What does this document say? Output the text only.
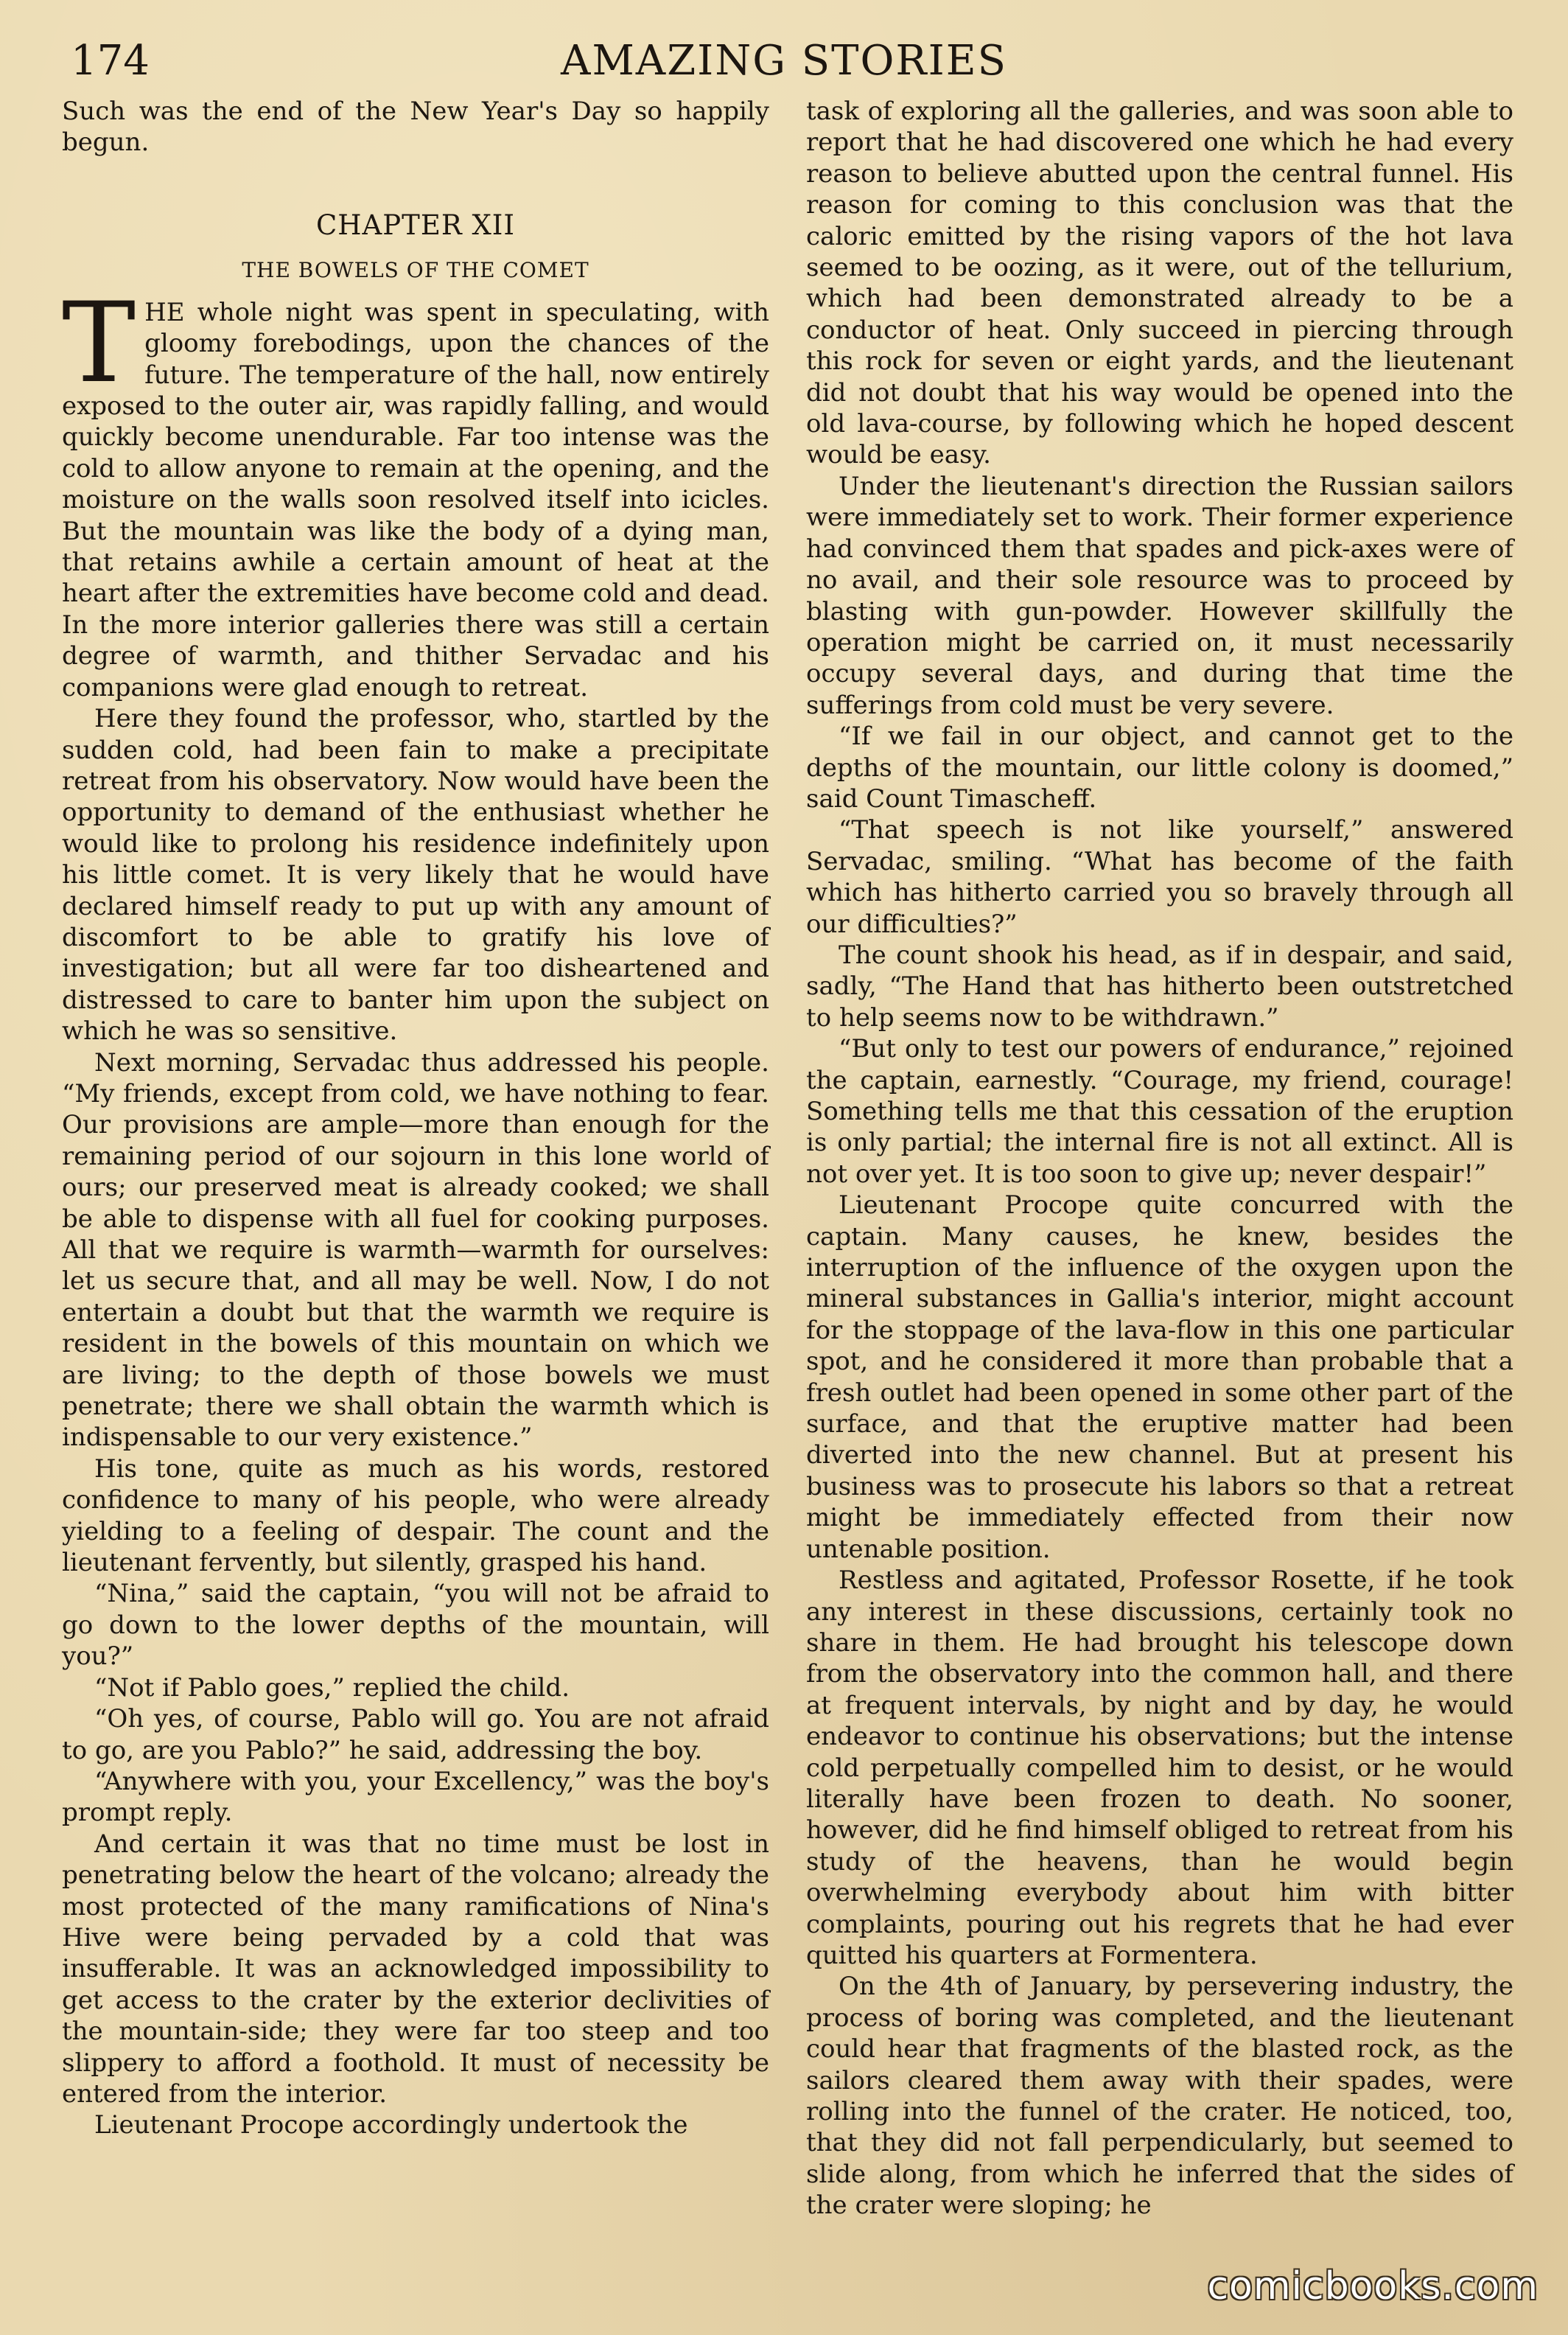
174	AMAZING STORIES

Such was the end of the New Year's Day so happily begun.

CHAPTER XII
THE BOWELS OF THE COMET

THE whole night was spent in speculating, with gloomy forebodings, upon the chances of the future. The temperature of the hall, now entirely exposed to the outer air, was rapidly falling, and would quickly become unendurable. Far too intense was the cold to allow anyone to remain at the opening, and the moisture on the walls soon resolved itself into icicles. But the mountain was like the body of a dying man, that retains awhile a certain amount of heat at the heart after the extremities have become cold and dead. In the more interior galleries there was still a certain degree of warmth, and thither Servadac and his companions were glad enough to retreat.

Here they found the professor, who, startled by the sudden cold, had been fain to make a precipitate retreat from his observatory. Now would have been the opportunity to demand of the enthusiast whether he would like to prolong his residence indefinitely upon his little comet. It is very likely that he would have declared himself ready to put up with any amount of discomfort to be able to gratify his love of investigation; but all were far too disheartened and distressed to care to banter him upon the subject on which he was so sensitive.

Next morning, Servadac thus addressed his people. “My friends, except from cold, we have nothing to fear. Our provisions are ample—more than enough for the remaining period of our sojourn in this lone world of ours; our preserved meat is already cooked; we shall be able to dispense with all fuel for cooking purposes. All that we require is warmth—warmth for ourselves: let us secure that, and all may be well. Now, I do not entertain a doubt but that the warmth we require is resident in the bowels of this mountain on which we are living; to the depth of those bowels we must penetrate; there we shall obtain the warmth which is indispensable to our very existence.”

His tone, quite as much as his words, restored confidence to many of his people, who were already yielding to a feeling of despair. The count and the lieutenant fervently, but silently, grasped his hand.

“Nina,” said the captain, “you will not be afraid to go down to the lower depths of the mountain, will you?”

“Not if Pablo goes,” replied the child.

“Oh yes, of course, Pablo will go. You are not afraid to go, are you Pablo?” he said, addressing the boy.

“Anywhere with you, your Excellency,” was the boy's prompt reply.

And certain it was that no time must be lost in penetrating below the heart of the volcano; already the most protected of the many ramifications of Nina's Hive were being pervaded by a cold that was insufferable. It was an acknowledged impossibility to get access to the crater by the exterior declivities of the mountain-side; they were far too steep and too slippery to afford a foothold. It must of necessity be entered from the interior.

Lieutenant Procope accordingly undertook the

task of exploring all the galleries, and was soon able to report that he had discovered one which he had every reason to believe abutted upon the central funnel. His reason for coming to this conclusion was that the caloric emitted by the rising vapors of the hot lava seemed to be oozing, as it were, out of the tellurium, which had been demonstrated already to be a conductor of heat. Only succeed in piercing through this rock for seven or eight yards, and the lieutenant did not doubt that his way would be opened into the old lava-course, by following which he hoped descent would be easy.

Under the lieutenant's direction the Russian sailors were immediately set to work. Their former experience had convinced them that spades and pick-axes were of no avail, and their sole resource was to proceed by blasting with gun-powder. However skillfully the operation might be carried on, it must necessarily occupy several days, and during that time the sufferings from cold must be very severe.

“If we fail in our object, and cannot get to the depths of the mountain, our little colony is doomed,” said Count Timascheff.

“That speech is not like yourself,” answered Servadac, smiling. “What has become of the faith which has hitherto carried you so bravely through all our difficulties?”

The count shook his head, as if in despair, and said, sadly, “The Hand that has hitherto been outstretched to help seems now to be withdrawn.”

“But only to test our powers of endurance,” rejoined the captain, earnestly. “Courage, my friend, courage! Something tells me that this cessation of the eruption is only partial; the internal fire is not all extinct. All is not over yet. It is too soon to give up; never despair!”

Lieutenant Procope quite concurred with the captain. Many causes, he knew, besides the interruption of the influence of the oxygen upon the mineral substances in Gallia's interior, might account for the stoppage of the lava-flow in this one particular spot, and he considered it more than probable that a fresh outlet had been opened in some other part of the surface, and that the eruptive matter had been diverted into the new channel. But at present his business was to prosecute his labors so that a retreat might be immediately effected from their now untenable position.

Restless and agitated, Professor Rosette, if he took any interest in these discussions, certainly took no share in them. He had brought his telescope down from the observatory into the common hall, and there at frequent intervals, by night and by day, he would endeavor to continue his observations; but the intense cold perpetually compelled him to desist, or he would literally have been frozen to death. No sooner, however, did he find himself obliged to retreat from his study of the heavens, than he would begin overwhelming everybody about him with bitter complaints, pouring out his regrets that he had ever quitted his quarters at Formentera.

On the 4th of January, by persevering industry, the process of boring was completed, and the lieutenant could hear that fragments of the blasted rock, as the sailors cleared them away with their spades, were rolling into the funnel of the crater. He noticed, too, that they did not fall perpendicularly, but seemed to slide along, from which he inferred that the sides of the crater were sloping; he

comicbooks.com
